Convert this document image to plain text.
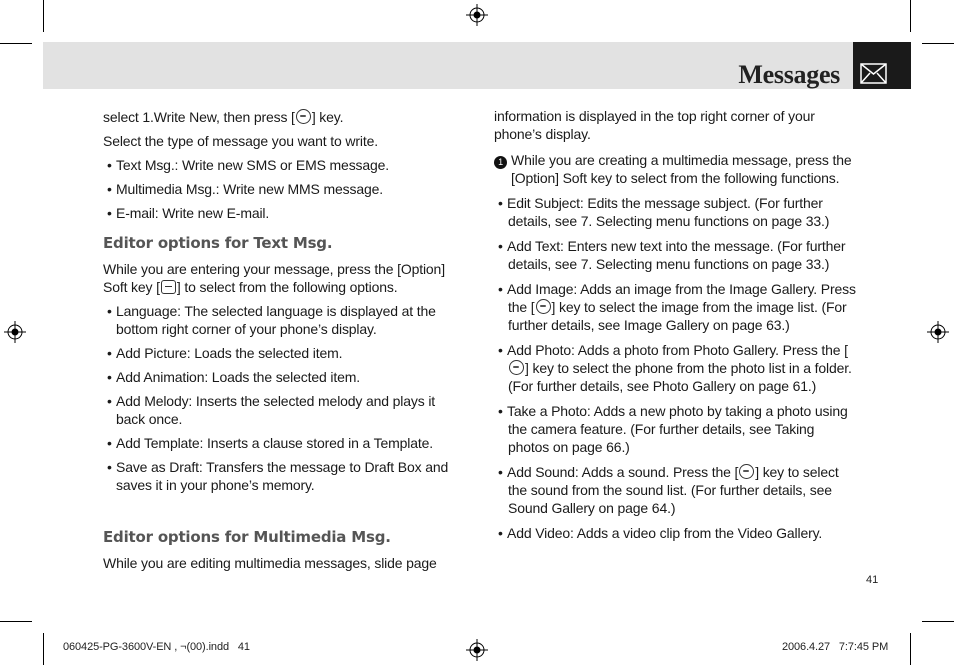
Messages

select 1.Write New, then press [ ] key.

Select the type of message you want to write.

• Text Msg.: Write new SMS or EMS message.
• Multimedia Msg.: Write new MMS message.
• E-mail: Write new E-mail.
Editor options for Text Msg.

While you are entering your message, press the [Option] Soft key [ ] to select from the following options.

• Language: The selected language is displayed at the bottom right corner of your phone’s display.
• Add Picture: Loads the selected item.
• Add Animation: Loads the selected item.
• Add Melody: Inserts the selected melody and plays it back once.
• Add Template: Inserts a clause stored in a Template.
• Save as Draft: Transfers the message to Draft Box and saves it in your phone’s memory.
Editor options for Multimedia Msg.

While you are editing multimedia messages, slide page

information is displayed in the top right corner of your phone’s display.

1 While you are creating a multimedia message, press the [Option] Soft key to select from the following functions.
• Edit Subject: Edits the message subject. (For further details, see 7. Selecting menu functions on page 33.)
• Add Text: Enters new text into the message. (For further details, see 7. Selecting menu functions on page 33.)
• Add Image: Adds an image from the Image Gallery. Press the [ ] key to select the image from the image list. (For further details, see Image Gallery on page 63.)
• Add Photo: Adds a photo from Photo Gallery. Press the [] key to select the phone from the photo list in a folder. (For further details, see Photo Gallery on page 61.)
• Take a Photo: Adds a new photo by taking a photo using the camera feature. (For further details, see Taking photos on page 66.)
• Add Sound: Adds a sound. Press the [ ] key to select the sound from the sound list. (For further details, see Sound Gallery on page 64.)
• Add Video: Adds a video clip from the Video Gallery.
41
060425-PG-3600V-EN , ¬(00).indd   41	2006.4.27   7:7:45 PM
